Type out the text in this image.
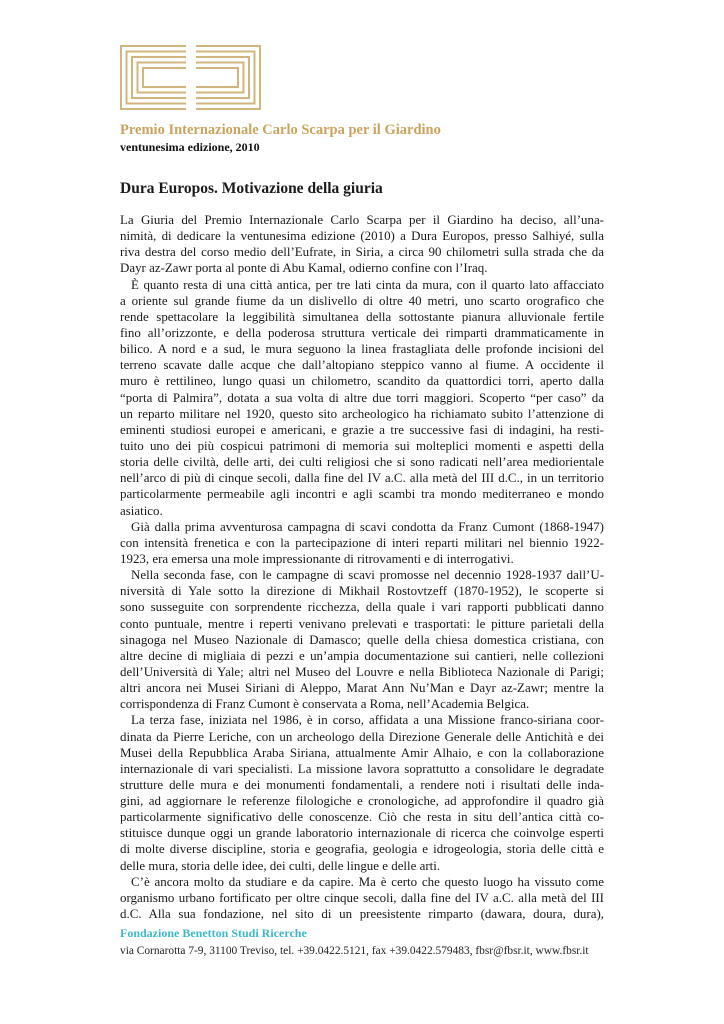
Premio Internazionale Carlo Scarpa per il Giardino
ventunesima edizione, 2010
Dura Europos. Motivazione della giuria
La Giuria del Premio Internazionale Carlo Scarpa per il Giardino ha deciso, all’una-
nimità, di dedicare la ventunesima edizione (2010) a Dura Europos, presso Salhiyé, sulla
riva destra del corso medio dell’Eufrate, in Siria, a circa 90 chilometri sulla strada che da
Dayr az-Zawr porta al ponte di Abu Kamal, odierno confine con l’Iraq.
È quanto resta di una città antica, per tre lati cinta da mura, con il quarto lato affacciato
a oriente sul grande fiume da un dislivello di oltre 40 metri, uno scarto orografico che
rende spettacolare la leggibilità simultanea della sottostante pianura alluvionale fertile
fino all’orizzonte, e della poderosa struttura verticale dei rimparti drammaticamente in
bilico. A nord e a sud, le mura seguono la linea frastagliata delle profonde incisioni del
terreno scavate dalle acque che dall’altopiano steppico vanno al fiume. A occidente il
muro è rettilineo, lungo quasi un chilometro, scandito da quattordici torri, aperto dalla
“porta di Palmira”, dotata a sua volta di altre due torri maggiori. Scoperto “per caso” da
un reparto militare nel 1920, questo sito archeologico ha richiamato subito l’attenzione di
eminenti studiosi europei e americani, e grazie a tre successive fasi di indagini, ha resti-
tuito uno dei più cospicui patrimoni di memoria sui molteplici momenti e aspetti della
storia delle civiltà, delle arti, dei culti religiosi che si sono radicati nell’area mediorientale
nell’arco di più di cinque secoli, dalla fine del IV a.C. alla metà del III d.C., in un territorio
particolarmente permeabile agli incontri e agli scambi tra mondo mediterraneo e mondo
asiatico.
Già dalla prima avventurosa campagna di scavi condotta da Franz Cumont (1868-1947)
con intensità frenetica e con la partecipazione di interi reparti militari nel biennio 1922-
1923, era emersa una mole impressionante di ritrovamenti e di interrogativi.
Nella seconda fase, con le campagne di scavi promosse nel decennio 1928-1937 dall’U-
niversità di Yale sotto la direzione di Mikhail Rostovtzeff (1870-1952), le scoperte si
sono susseguite con sorprendente ricchezza, della quale i vari rapporti pubblicati danno
conto puntuale, mentre i reperti venivano prelevati e trasportati: le pitture parietali della
sinagoga nel Museo Nazionale di Damasco; quelle della chiesa domestica cristiana, con
altre decine di migliaia di pezzi e un’ampia documentazione sui cantieri, nelle collezioni
dell’Università di Yale; altri nel Museo del Louvre e nella Biblioteca Nazionale di Parigi;
altri ancora nei Musei Siriani di Aleppo, Marat Ann Nu’Man e Dayr az-Zawr; mentre la
corrispondenza di Franz Cumont è conservata a Roma, nell’Academia Belgica.
La terza fase, iniziata nel 1986, è in corso, affidata a una Missione franco-siriana coor-
dinata da Pierre Leriche, con un archeologo della Direzione Generale delle Antichità e dei
Musei della Repubblica Araba Siriana, attualmente Amir Alhaio, e con la collaborazione
internazionale di vari specialisti. La missione lavora soprattutto a consolidare le degradate
strutture delle mura e dei monumenti fondamentali, a rendere noti i risultati delle inda-
gini, ad aggiornare le referenze filologiche e cronologiche, ad approfondire il quadro già
particolarmente significativo delle conoscenze. Ciò che resta in situ dell’antica città co-
stituisce dunque oggi un grande laboratorio internazionale di ricerca che coinvolge esperti
di molte diverse discipline, storia e geografia, geologia e idrogeologia, storia delle città e
delle mura, storia delle idee, dei culti, delle lingue e delle arti.
C’è ancora molto da studiare e da capire. Ma è certo che questo luogo ha vissuto come
organismo urbano fortificato per oltre cinque secoli, dalla fine del IV a.C. alla metà del III
d.C. Alla sua fondazione, nel sito di un preesistente rimparto (dawara, doura, dura),
Fondazione Benetton Studi Ricerche
via Cornarotta 7-9, 31100 Treviso, tel. +39.0422.5121, fax +39.0422.579483, fbsr@fbsr.it, www.fbsr.it
